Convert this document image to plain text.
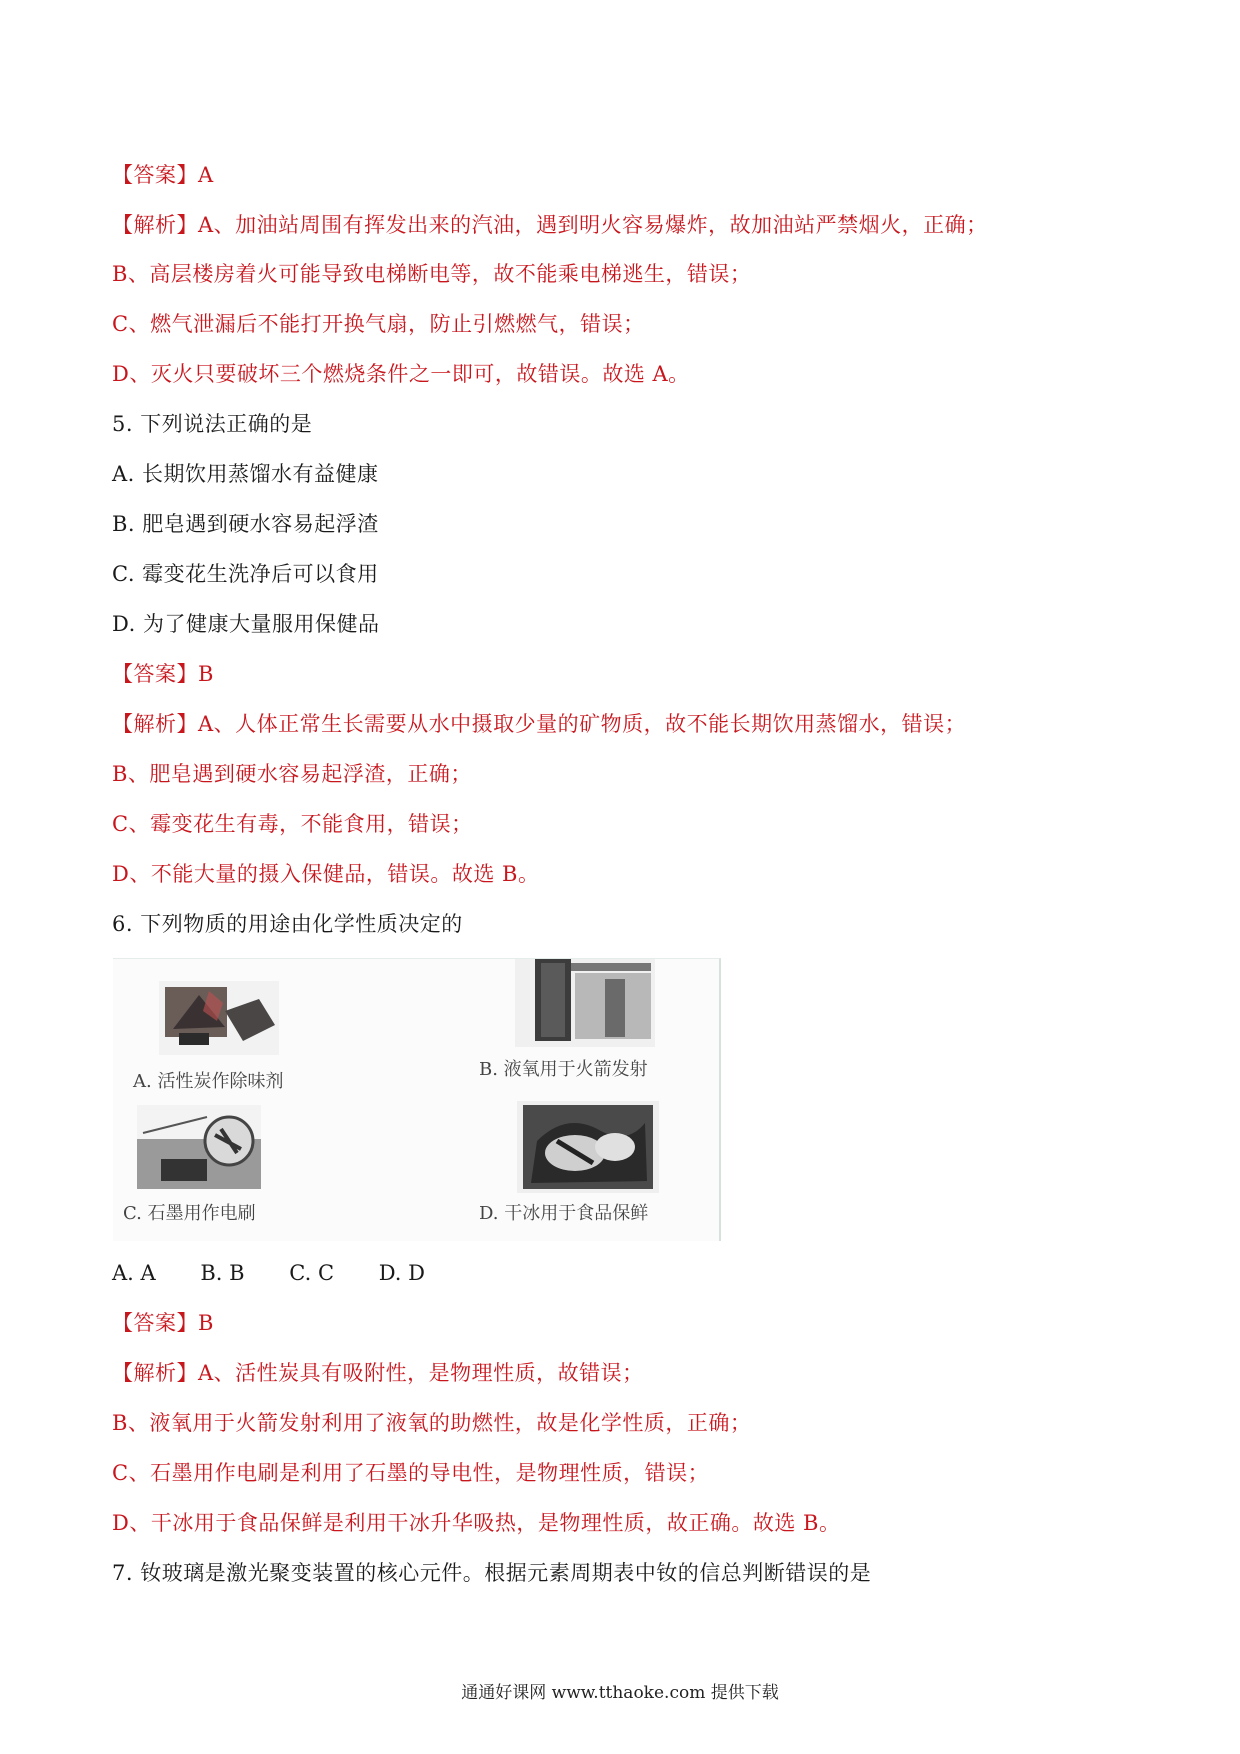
【答案】A
【解析】A、加油站周围有挥发出来的汽油，遇到明火容易爆炸，故加油站严禁烟火，正确；
B、高层楼房着火可能导致电梯断电等，故不能乘电梯逃生，错误；
C、燃气泄漏后不能打开换气扇，防止引燃燃气，错误；
D、灭火只要破坏三个燃烧条件之一即可，故错误。故选 A。
5. 下列说法正确的是
A. 长期饮用蒸馏水有益健康
B. 肥皂遇到硬水容易起浮渣
C. 霉变花生洗净后可以食用
D. 为了健康大量服用保健品
【答案】B
【解析】A、人体正常生长需要从水中摄取少量的矿物质，故不能长期饮用蒸馏水，错误；
B、肥皂遇到硬水容易起浮渣，正确；
C、霉变花生有毒，不能食用，错误；
D、不能大量的摄入保健品，错误。故选 B。
6. 下列物质的用途由化学性质决定的
A. 活性炭作除味剂
B. 液氧用于火箭发射
C. 石墨用作电刷	D. 干冰用于食品保鲜
A. A B. B C. C D. D
【答案】B
【解析】A、活性炭具有吸附性，是物理性质，故错误；
B、液氧用于火箭发射利用了液氧的助燃性，故是化学性质，正确；
C、石墨用作电刷是利用了石墨的导电性，是物理性质，错误；
D、干冰用于食品保鲜是利用干冰升华吸热，是物理性质，故正确。故选 B。
7. 钕玻璃是激光聚变装置的核心元件。根据元素周期表中钕的信总判断错误的是
通通好课网 www.tthaoke.com 提供下载
